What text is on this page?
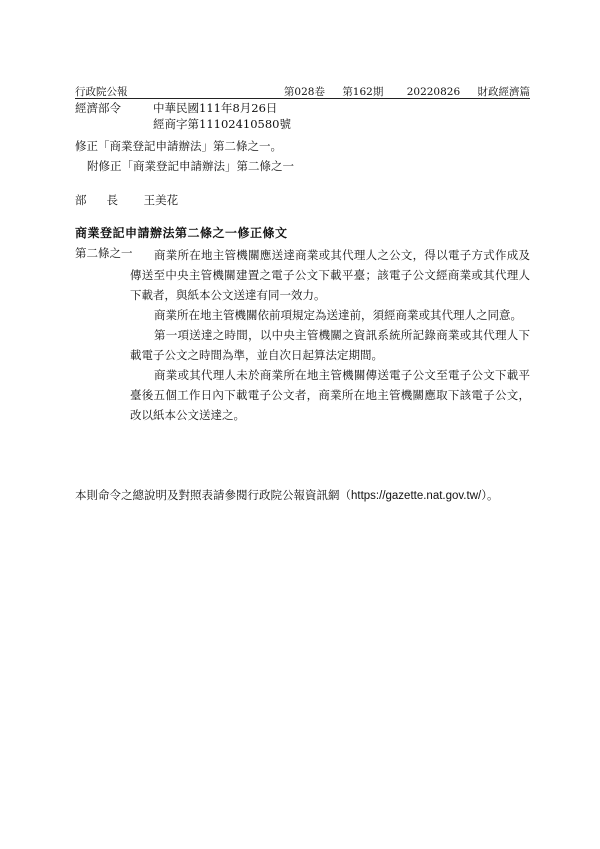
行政院公報	第028卷 第162期 20220826 財政經濟篇
經濟部令	中華民國111年8月26日
經商字第11102410580號
修正「商業登記申請辦法」第二條之一。
附修正「商業登記申請辦法」第二條之一
部長 王美花
商業登記申請辦法第二條之一修正條文
第二條之一	商業所在地主管機關應送達商業或其代理人之公文，得以電子方式作成及傳送至中央主管機關建置之電子公文下載平臺；該電子公文經商業或其代理人下載者，與紙本公文送達有同一效力。
商業所在地主管機關依前項規定為送達前，須經商業或其代理人之同意。
第一項送達之時間，以中央主管機關之資訊系統所記錄商業或其代理人下載電子公文之時間為準，並自次日起算法定期間。
商業或其代理人未於商業所在地主管機關傳送電子公文至電子公文下載平臺後五個工作日內下載電子公文者，商業所在地主管機關應取下該電子公文，改以紙本公文送達之。
本則命令之總說明及對照表請參閱行政院公報資訊網（https://gazette.nat.gov.tw/）。
